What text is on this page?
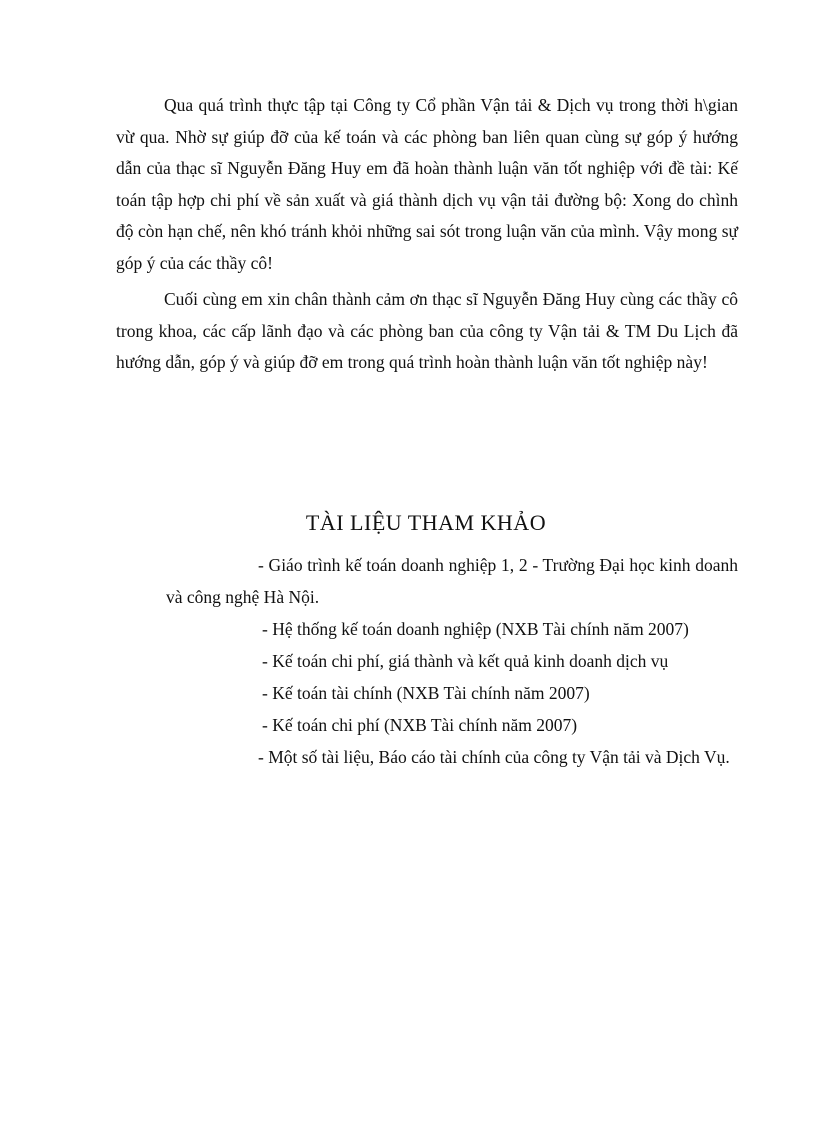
Qua quá trình thực tập tại Công ty Cổ phần Vận tải & Dịch vụ trong thời h\gian vừ qua. Nhờ sự giúp đỡ của kế toán và các phòng ban liên quan cùng sự góp ý hướng dẫn của thạc sĩ Nguyễn Đăng Huy em đã hoàn thành luận văn tốt nghiệp với đề tài: Kế toán tập hợp chi phí về sản xuất và giá thành dịch vụ vận tải đường bộ: Xong do chình độ còn hạn chế, nên khó tránh khỏi những sai sót trong luận văn của mình. Vậy mong sự góp ý của các thầy cô!

Cuối cùng em xin chân thành cảm ơn thạc sĩ Nguyễn Đăng Huy cùng các thầy cô trong khoa, các cấp lãnh đạo và các phòng ban của công ty Vận tải & TM Du Lịch đã hướng dẫn, góp ý và giúp đỡ em trong quá trình hoàn thành luận văn tốt nghiệp này!

TÀI LIỆU THAM KHẢO

- Giáo trình kế toán doanh nghiệp 1, 2 - Trường Đại học kinh doanh và công nghệ Hà Nội.

- Hệ thống kế toán doanh nghiệp (NXB Tài chính năm 2007)

- Kế toán chi phí, giá thành và kết quả kinh doanh dịch vụ

- Kế toán tài chính (NXB Tài chính năm 2007)

- Kế toán chi phí (NXB Tài chính năm 2007)

- Một số tài liệu, Báo cáo tài chính của công ty Vận tải và Dịch Vụ.
